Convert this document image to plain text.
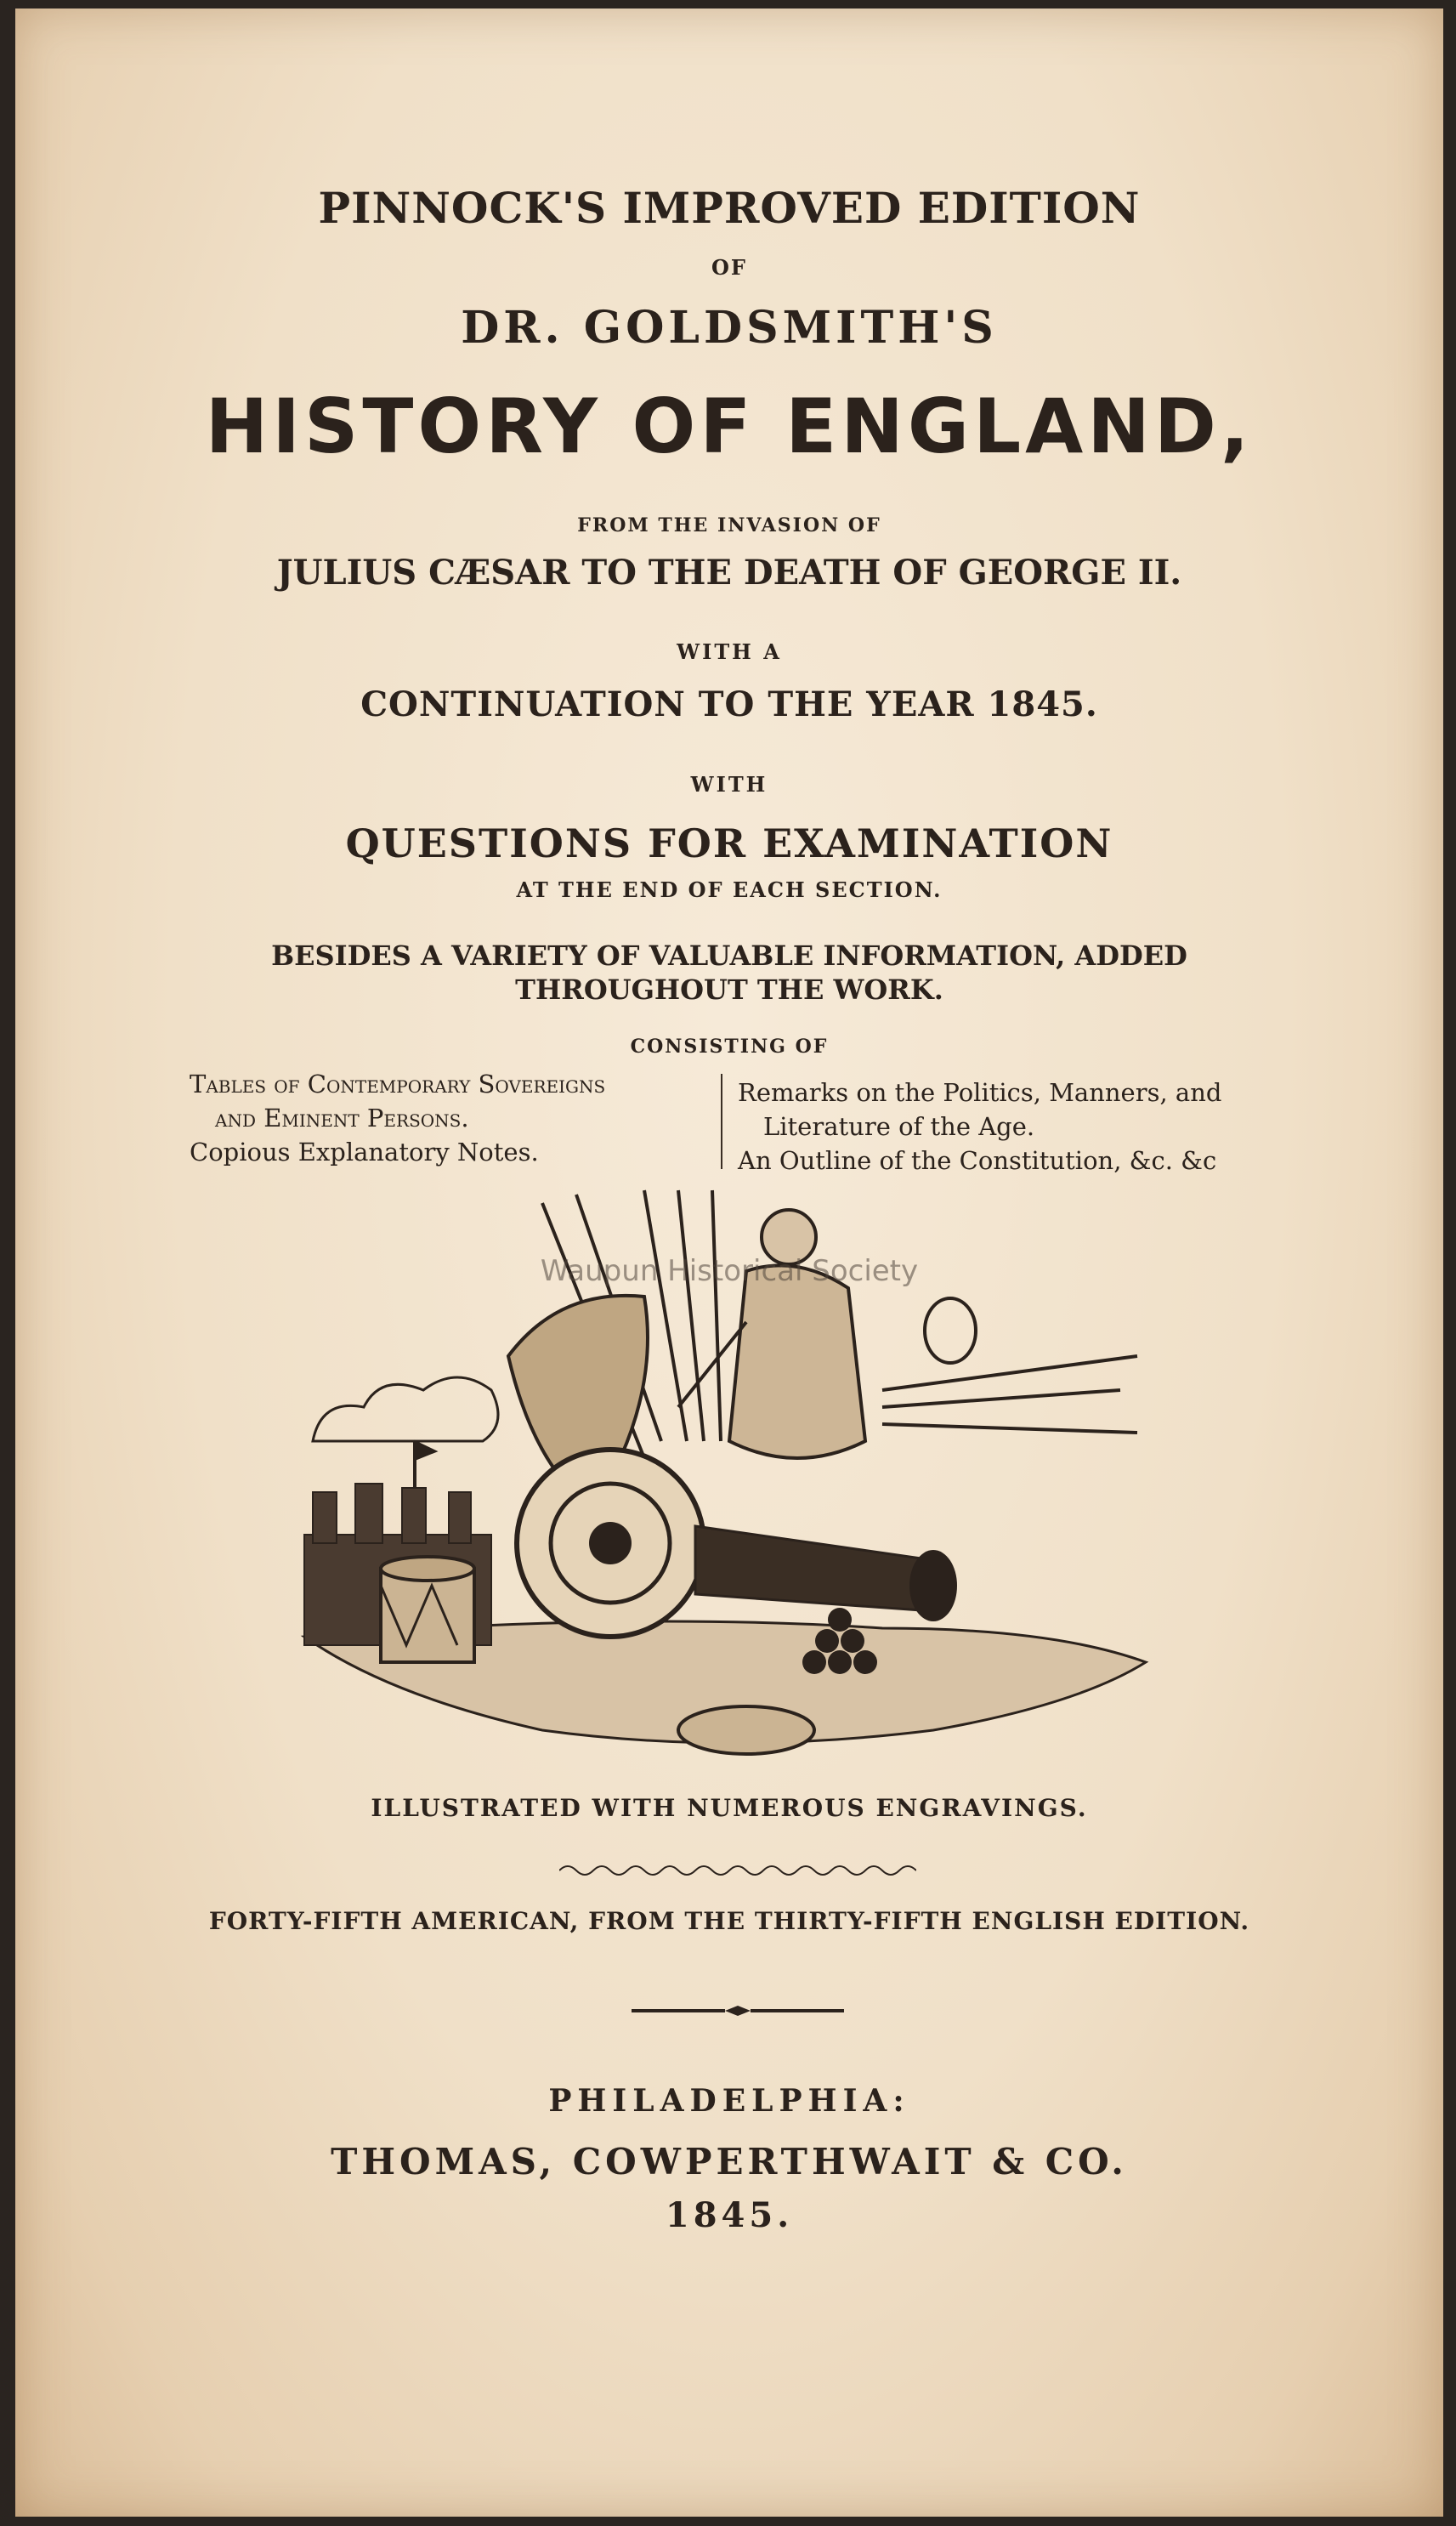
PINNOCK'S IMPROVED EDITION
OF
DR. GOLDSMITH'S
HISTORY OF ENGLAND,
FROM THE INVASION OF
JULIUS CÆSAR TO THE DEATH OF GEORGE II.
WITH A
CONTINUATION TO THE YEAR 1845.
WITH
QUESTIONS FOR EXAMINATION
AT THE END OF EACH SECTION.
BESIDES A VARIETY OF VALUABLE INFORMATION, ADDED
THROUGHOUT THE WORK.
CONSISTING OF
Tables of Contemporary Sovereigns
and Eminent Persons.
Copious Explanatory Notes.
Remarks on the Politics, Manners, and
Literature of the Age.
An Outline of the Constitution, &c. &c
Waupun Historical Society
ILLUSTRATED WITH NUMEROUS ENGRAVINGS.
FORTY-FIFTH AMERICAN, FROM THE THIRTY-FIFTH ENGLISH EDITION.
PHILADELPHIA:
THOMAS, COWPERTHWAIT & CO.
1845.
